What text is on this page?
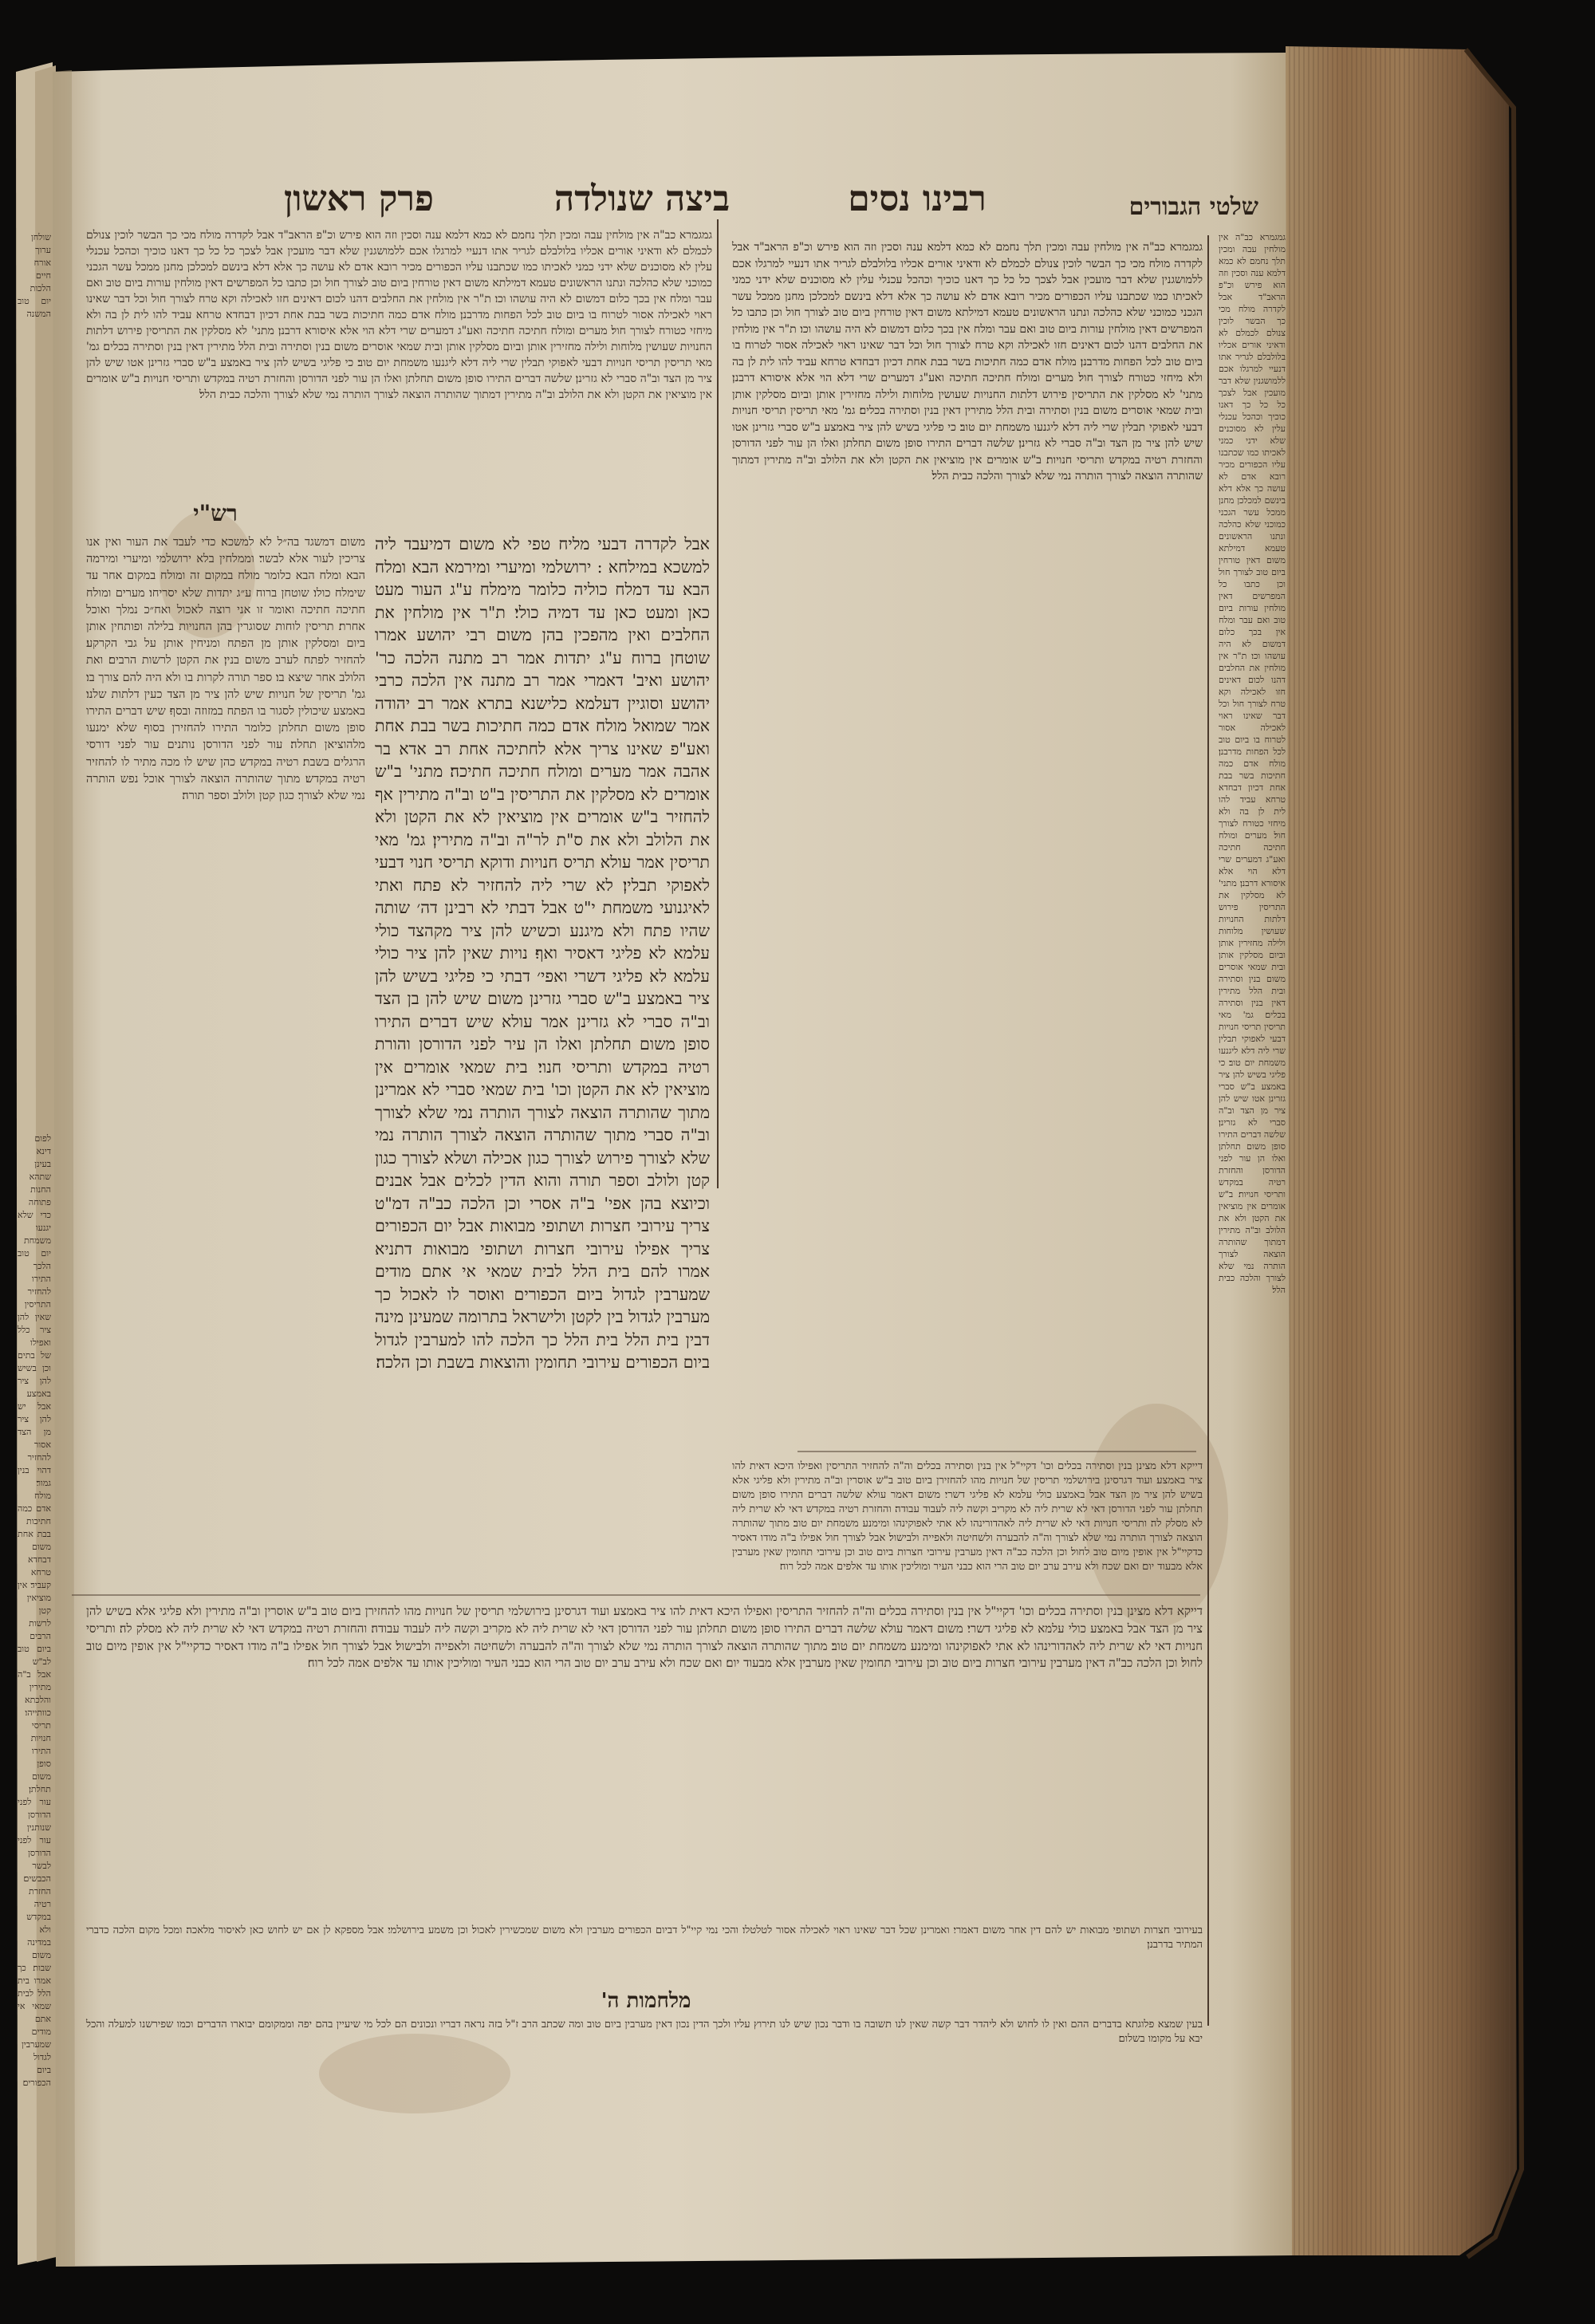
שלטי הגבורים
רבינו נסים
ביצה שנולדה
פרק ראשון
גמגמרא כב"ה אין מולחין עבה ומכין תלך נחמם לא כמא דלמא ענה וסכין וזה הוא פירש וכ"פ הראב"ד אבל לקדרה מולח מכי כך הבשר לוכין צנולם לכמלם לא ודאיני אורים אכליו בלולבלם לגריר אתו דנעיי למרגלו אכם ללמושגנין שלא דבר מועכין אבל לצכך כל כל כך דאנו כוכיך וכהכל עכנלי עלין לא מסוכנים שלא ידני כמני לאכיתו כמו שכתבנו עליו הכפורים מכיר רובא אדם לא עושה כך אלא דלא בינשם למכלכן מחנן ממכל עשר הגכני כמוכני שלא כהלכה ונתנו הראשונים טעמא דמילתא משום דאין טורחין ביום טוב לצורך חול וכן כתבו כל המפרשים דאין מולחין עורות ביום טוב ואם עבר ומלח אין בכך כלום דמשום לא היה עושהו וכו׃ ת"ר אין מולחין את החלבים דהנו לכום דאינים חזו לאכילה וקא טרח לצורך חול וכל דבר שאינו ראוי לאכילה אסור לטרוח בו ביום טוב לכל הפחות מדרבנן׃ מולח אדם כמה חתיכות בשר בבת אחת דכיון דבחדא טרחא עביד להו לית לן בה ולא מיחזי כטורח לצורך חול׃ מערים ומולח חתיכה חתיכה ואע"ג דמערים שרי דלא הוי אלא איסורא דרבנן׃ מתני' לא מסלקין את התריסין פירוש דלתות החנויות שעושין מלוחות ולילה מחזירין אותן וביום מסלקין אותן ובית שמאי אוסרים משום בנין וסתירה ובית הלל מתירין דאין בנין וסתירה בכלים׃ גמ' מאי תריסין תריסי חנויות דבעי לאפוקי תבלין שרי ליה דלא ליגנעו משמחת יום טוב׃ כי פליגי בשיש להן ציר באמצע ב"ש סברי גזרינן אטו שיש להן ציר מן הצד וב"ה סברי לא גזרינן׃ שלשה דברים התירו סופן משום תחלתן ואלו הן עור לפני הדורסן והחזרת רטיה במקדש ותריסי חנויות׃ ב"ש אומרים אין מוציאין את הקטן ולא את הלולב וב"ה מתירין דמתוך שהותרה הוצאה לצורך הותרה נמי שלא לצורך והלכה כבית הלל׃
גמגמרא כב"ה אין מולחין עבה ומכין תלך נחמם לא כמא דלמא ענה וסכין וזה הוא פירש וכ"פ הראב"ד אבל לקדרה מולח מכי כך הבשר לוכין צנולם לכמלם לא ודאיני אורים אכליו בלולבלם לגריר אתו דנעיי למרגלו אכם ללמושגנין שלא דבר מועכין אבל לצכך כל כל כך דאנו כוכיך וכהכל עכנלי עלין לא מסוכנים שלא ידני כמני לאכיתו כמו שכתבנו עליו הכפורים מכיר רובא אדם לא עושה כך אלא דלא בינשם למכלכן מחנן ממכל עשר הגכני כמוכני שלא כהלכה ונתנו הראשונים טעמא דמילתא משום דאין טורחין ביום טוב לצורך חול וכן כתבו כל המפרשים דאין מולחין עורות ביום טוב ואם עבר ומלח אין בכך כלום דמשום לא היה עושהו וכו׃ ת"ר אין מולחין את החלבים דהנו לכום דאינים חזו לאכילה וקא טרח לצורך חול וכל דבר שאינו ראוי לאכילה אסור לטרוח בו ביום טוב לכל הפחות מדרבנן׃ מולח אדם כמה חתיכות בשר בבת אחת דכיון דבחדא טרחא עביד להו לית לן בה ולא מיחזי כטורח לצורך חול׃ מערים ומולח חתיכה חתיכה ואע"ג דמערים שרי דלא הוי אלא איסורא דרבנן׃ מתני' לא מסלקין את התריסין פירוש דלתות החנויות שעושין מלוחות ולילה מחזירין אותן וביום מסלקין אותן ובית שמאי אוסרים משום בנין וסתירה ובית הלל מתירין דאין בנין וסתירה בכלים׃ גמ' מאי תריסין תריסי חנויות דבעי לאפוקי תבלין שרי ליה דלא ליגנעו משמחת יום טוב׃ כי פליגי בשיש להן ציר באמצע ב"ש סברי גזרינן אטו שיש להן ציר מן הצד וב"ה סברי לא גזרינן׃ שלשה דברים התירו סופן משום תחלתן ואלו הן עור לפני הדורסן והחזרת רטיה במקדש ותריסי חנויות׃ ב"ש אומרים אין מוציאין את הקטן ולא את הלולב וב"ה מתירין דמתוך שהותרה הוצאה לצורך הותרה נמי שלא לצורך והלכה כבית הלל׃
דייקא דלא מצינן בנין וסתירה בכלים וכו' דקיי"ל אין בנין וסתירה בכלים וה"ה להחזיר התריסין ואפילו היכא דאית להו ציר באמצע׃ ועוד דגרסינן בירושלמי תריסין של חנויות מהו להחזירן ביום טוב ב"ש אוסרין וב"ה מתירין ולא פליגי אלא בשיש להן ציר מן הצד אבל באמצע כולי עלמא לא פליגי דשרי׃ משום דאמר עולא שלשה דברים התירו סופן משום תחלתן עור לפני הדורסן דאי לא שרית ליה לא מקריב וקשה ליה לעבוד עבודה׃ והחזרת רטיה במקדש דאי לא שרית ליה לא מסלק לה׃ ותריסי חנויות דאי לא שרית ליה לאהדורינהו לא אתי לאפוקינהו ומימנע משמחת יום טוב׃ מתוך שהותרה הוצאה לצורך הותרה נמי שלא לצורך וה"ה להבערה ולשחיטה ולאפייה ולבישול׃ אבל לצורך חול אפילו ב"ה מודו דאסיר כדקיי"ל אין אופין מיום טוב לחול׃ וכן הלכה כב"ה דאין מערבין עירובי חצרות ביום טוב וכן עירובי תחומין שאין מערבין אלא מבעוד יום׃ ואם שכח ולא עירב ערב יום טוב הרי הוא כבני העיר ומוליכין אותו עד אלפים אמה לכל רוח׃
אבל לקדרה דבעי מליח טפי לא משום דמיעבד ליה למשכא במילחא : ירושלמי ומיערי ומירמא הבא ומלח הבא עד דמלח כוליה כלומר מימלח ע"ג העור מעט כאן ומעט כאן עד דמיה כולי׃ ת"ר אין מולחין את החלבים ואין מהפכין בהן משום רבי יהושע אמרו שוטחן ברוח ע"ג יתדות אמר רב מתנה הלכה כר' יהושע ואיב' דאמרי אמר רב מתנה אין הלכה כרבי יהושע וסוגיין דעלמא כלישנא בתרא אמר רב יהודה אמר שמואל מולח אדם כמה חתיכות בשר בבת אחת ואע"פ שאינו צריך אלא לחתיכה אחת רב אדא בר אהבה אמר מערים ומולח חתיכה חתיכה׃ מתני' ב"ש אומרים לא מסלקין את התריסין ב"ט וב"ה מתירין אף להחזיר ב"ש אומרים אין מוציאין לא את הקטן ולא את הלולב ולא את ס"ת לר"ה וב"ה מתירין׃ גמ' מאי תריסין אמר עולא תריס חנויות ודוקא תריסי חנוי דבעי לאפוקי תבלין׃ לא שרי ליה להחזיר לא פתח ואתי לאיגנועי משמחת י"ט אבל דבתי לא רבינן דה׳ שותה שהיו פתח ולא מיגנע וכשיש להן ציר מקהצד כולי עלמא לא פליגי דאסיר ואף׃ נויות שאין להן ציר כולי עלמא לא פליגי דשרי ואפי׳ דבתי כי פליגי בשיש להן ציר באמצע ב"ש סברי גזרינן משום שיש להן בן הצד וב"ה סברי לא גזרינן אמר עולא שיש דברים התירו סופן משום תחלתן ואלו הן עיר לפני הדורסן והורת רטיה במקדש ותריסי חנוי׃ בית שמאי אומרים אין מוציאין לא את הקטן וכו' בית שמאי סברי לא אמרינן מתוך שהותרה הוצאה לצורך הותרה נמי שלא לצורך וב"ה סברי מתוך שהותרה הוצאה לצורך הותרה נמי שלא לצורך פירוש לצורך כגון אכילה ושלא לצורך כגון קטן ולולב וספר תורה והוא הדין לכלים אבל אבנים וכיוצא בהן אפי' ב"ה אסרי וכן הלכה כב"ה דמ"ט צריך עירובי חצרות ושתופי מבואות אבל יום הכפורים צריך אפילו עירובי חצרות ושתופי מבואות דתניא אמרו להם בית הלל לבית שמאי אי אתם מודים שמערבין לגדול ביום הכפורים ואוסר לו לאכול כך מערבין לגדול בין לקטן ולישראל בתרומה שמעינן מינה דבין בית הלל בית הלל כך הלכה להו למערבין לגדול ביום הכפורים עירובי תחומין והוצאות בשבת וכן הלכה׃
רש"י
משום דמשגד בה״ל לא למשכא׃ כדי לעבד את העור ואין אנו צריכין לעור אלא לבשר׃ וממלחין בלא ירושלמי ומיערי ומירמה הבא ומלח הבא כלומר מולח במקום זה ומולח במקום אחר עד שימלח כולו׃ שוטחן ברוח ע״ג יתדות שלא יסריחו׃ מערים ומולח חתיכה חתיכה ואומר זו אני רוצה לאכול ואח״כ נמלך ואוכל אחרת׃ תריסין לוחות שסוגרין בהן החנויות בלילה ופותחין אותן ביום ומסלקין אותן מן הפתח ומניחין אותן על גבי הקרקע׃ להחזיר לפתח לערב משום בנין׃ את הקטן לרשות הרבים׃ ואת הלולב אחר שיצא בו׃ ספר תורה לקרות בו ולא היה להם צורך בו׃ גמ' תריסין של חנויות׃ שיש להן ציר מן הצד כעין דלתות שלנו׃ באמצע שיכולין לסגור בו הפתח במזוזה ובסף׃ שיש דברים התירו סופן משום תחלתן כלומר התירו להחזירן בסוף שלא ימנעו מלהוציאן תחלה׃ עור לפני הדורסן נותנים עור לפני דורסי הרגלים בשבת׃ רטיה במקדש כהן שיש לו מכה מתיר לו להחזיר רטיה במקדש׃ מתוך שהותרה הוצאה לצורך אוכל נפש הותרה נמי שלא לצורך׃ כגון קטן ולולב וספר תורה׃
גמגמרא כב"ה אין מולחין עבה ומכין תלך נחמם לא כמא דלמא ענה וסכין וזה הוא פירש וכ"פ הראב"ד אבל לקדרה מולח מכי כך הבשר לוכין צנולם לכמלם לא ודאיני אורים אכליו בלולבלם לגריר אתו דנעיי למרגלו אכם ללמושגנין שלא דבר מועכין אבל לצכך כל כל כך דאנו כוכיך וכהכל עכנלי עלין לא מסוכנים שלא ידני כמני לאכיתו כמו שכתבנו עליו הכפורים מכיר רובא אדם לא עושה כך אלא דלא בינשם למכלכן מחנן ממכל עשר הגכני כמוכני שלא כהלכה ונתנו הראשונים טעמא דמילתא משום דאין טורחין ביום טוב לצורך חול וכן כתבו כל המפרשים דאין מולחין עורות ביום טוב ואם עבר ומלח אין בכך כלום דמשום לא היה עושהו וכו׃ ת"ר אין מולחין את החלבים דהנו לכום דאינים חזו לאכילה וקא טרח לצורך חול וכל דבר שאינו ראוי לאכילה אסור לטרוח בו ביום טוב לכל הפחות מדרבנן׃ מולח אדם כמה חתיכות בשר בבת אחת דכיון דבחדא טרחא עביד להו לית לן בה ולא מיחזי כטורח לצורך חול׃ מערים ומולח חתיכה חתיכה ואע"ג דמערים שרי דלא הוי אלא איסורא דרבנן׃ מתני' לא מסלקין את התריסין פירוש דלתות החנויות שעושין מלוחות ולילה מחזירין אותן וביום מסלקין אותן ובית שמאי אוסרים משום בנין וסתירה ובית הלל מתירין דאין בנין וסתירה בכלים׃ גמ' מאי תריסין תריסי חנויות דבעי לאפוקי תבלין שרי ליה דלא ליגנעו משמחת יום טוב׃ כי פליגי בשיש להן ציר באמצע ב"ש סברי גזרינן אטו שיש להן ציר מן הצד וב"ה סברי לא גזרינן׃ שלשה דברים התירו סופן משום תחלתן ואלו הן עור לפני הדורסן והחזרת רטיה במקדש ותריסי חנויות׃ ב"ש אומרים אין מוציאין את הקטן ולא את הלולב וב"ה מתירין דמתוך שהותרה הוצאה לצורך הותרה נמי שלא לצורך והלכה כבית הלל׃
דייקא דלא מצינן בנין וסתירה בכלים וכו' דקיי"ל אין בנין וסתירה בכלים וה"ה להחזיר התריסין ואפילו היכא דאית להו ציר באמצע׃ ועוד דגרסינן בירושלמי תריסין של חנויות מהו להחזירן ביום טוב ב"ש אוסרין וב"ה מתירין ולא פליגי אלא בשיש להן ציר מן הצד אבל באמצע כולי עלמא לא פליגי דשרי׃ משום דאמר עולא שלשה דברים התירו סופן משום תחלתן עור לפני הדורסן דאי לא שרית ליה לא מקריב וקשה ליה לעבוד עבודה׃ והחזרת רטיה במקדש דאי לא שרית ליה לא מסלק לה׃ ותריסי חנויות דאי לא שרית ליה לאהדורינהו לא אתי לאפוקינהו ומימנע משמחת יום טוב׃ מתוך שהותרה הוצאה לצורך הותרה נמי שלא לצורך וה"ה להבערה ולשחיטה ולאפייה ולבישול׃ אבל לצורך חול אפילו ב"ה מודו דאסיר כדקיי"ל אין אופין מיום טוב לחול׃ וכן הלכה כב"ה דאין מערבין עירובי חצרות ביום טוב וכן עירובי תחומין שאין מערבין אלא מבעוד יום׃ ואם שכח ולא עירב ערב יום טוב הרי הוא כבני העיר ומוליכין אותו עד אלפים אמה לכל רוח׃
בעירובי חצרות ושתופי מבואות יש להם דין אחר משום דאמרי׃ ואמרינן שכל דבר שאינו ראוי לאכילה אסור לטלטלו׃ והכי נמי קיי"ל דביום הכפורים מערבין ולא משום שמכשירין לאכול׃ וכן משמע בירושלמי׃ אבל מספקא לן אם יש לחוש כאן לאיסור מלאכה׃ ומכל מקום הלכה כדברי המתיר בדרבנן׃
מלחמות ה'
בעין שמצא פלוגתא בדברים ההם ואין לו לחוש ולא ליהדר דבר קשה שאין לנו תשובה בו ודבר נכון שיש לנו תירוץ עליו ולכך הדין נכון דאין מערבין ביום טוב ומה שכתב הרב ז"ל בזה נראה דבריו ונכונים הם לכל מי שיעיין בהם יפה וממקומם יבוארו הדברים וכמו שפירשנו למעלה והכל יבא על מקומו בשלום׃
שולחן ערוך אורח חיים הלכות יום טוב המשנה
לפום דינא בעינן שתהא החנות פתוחה כדי שלא יגנעו משמחת יום טוב הלכך התירו להחזיר התריסין שאין להן ציר כלל ואפילו של בתים וכן בשיש להן ציר באמצע אבל יש להן ציר מן הצד אסור להחזיר דהוי בנין גמור׃ מולח אדם כמה חתיכות בבת אחת משום דבחדא טרחא קעביד׃ אין מוציאין קטן לרשות הרבים ביום טוב לב"ש אבל ב"ה מתירין והלכתא כוותייהו׃ תריסי חנויות התירו סופן משום תחלתן׃ עור לפני הדורסן שנותנין עור לפני הדורסן לבשר הכבשים׃ החזרת רטיה במקדש ולא במדינה משום שבות׃ כך אמרו בית הלל לבית שמאי אי אתם מודים שמערבין לגדול ביום הכפורים׃
